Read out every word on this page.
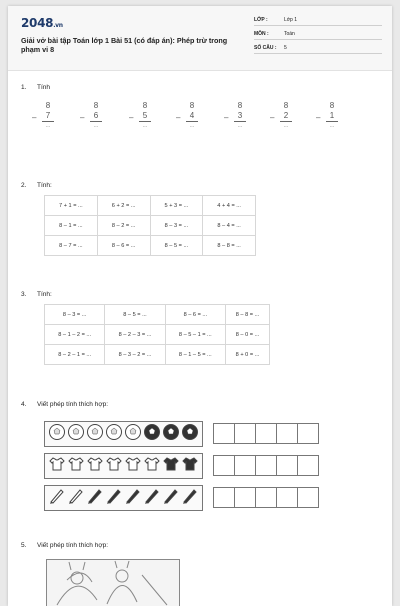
2048.vn
Giải vở bài tập Toán lớp 1 Bài 51 (có đáp án): Phép trừ trong phạm vi 8
LỚP :	Lớp 1
MÔN :	Toán
SỐ CÂU : 5
1. Tính
–
8
7
...
–
8
6
...
–
8
5
...
–
8
4
...
–
8
3
...
–
8
2
...
–
8
1
...
2. Tính:
7 + 1 = ...	6 + 2 = ...	5 + 3 = ...	4 + 4 = ...
8 – 1 = ...	8 – 2 = ...	8 – 3 = ...	8 – 4 = ...
8 – 7 = ...	8 – 6 = ...	8 – 5 = ...	8 – 8 = ...
3. Tính:
8 – 3 = ...	8 – 5 = ...	8 – 6 = ...	8 – 8 = ...
8 – 1 – 2 = ...	8 – 2 – 3 = ...	8 – 5 – 1 = ...	8 – 0 = ...
8 – 2 – 1 = ...	8 – 3 – 2 = ...	8 – 1 – 5 = ...	8 + 0 = ...
4. Viết phép tính thích hợp:
5. Viết phép tính thích hợp:
